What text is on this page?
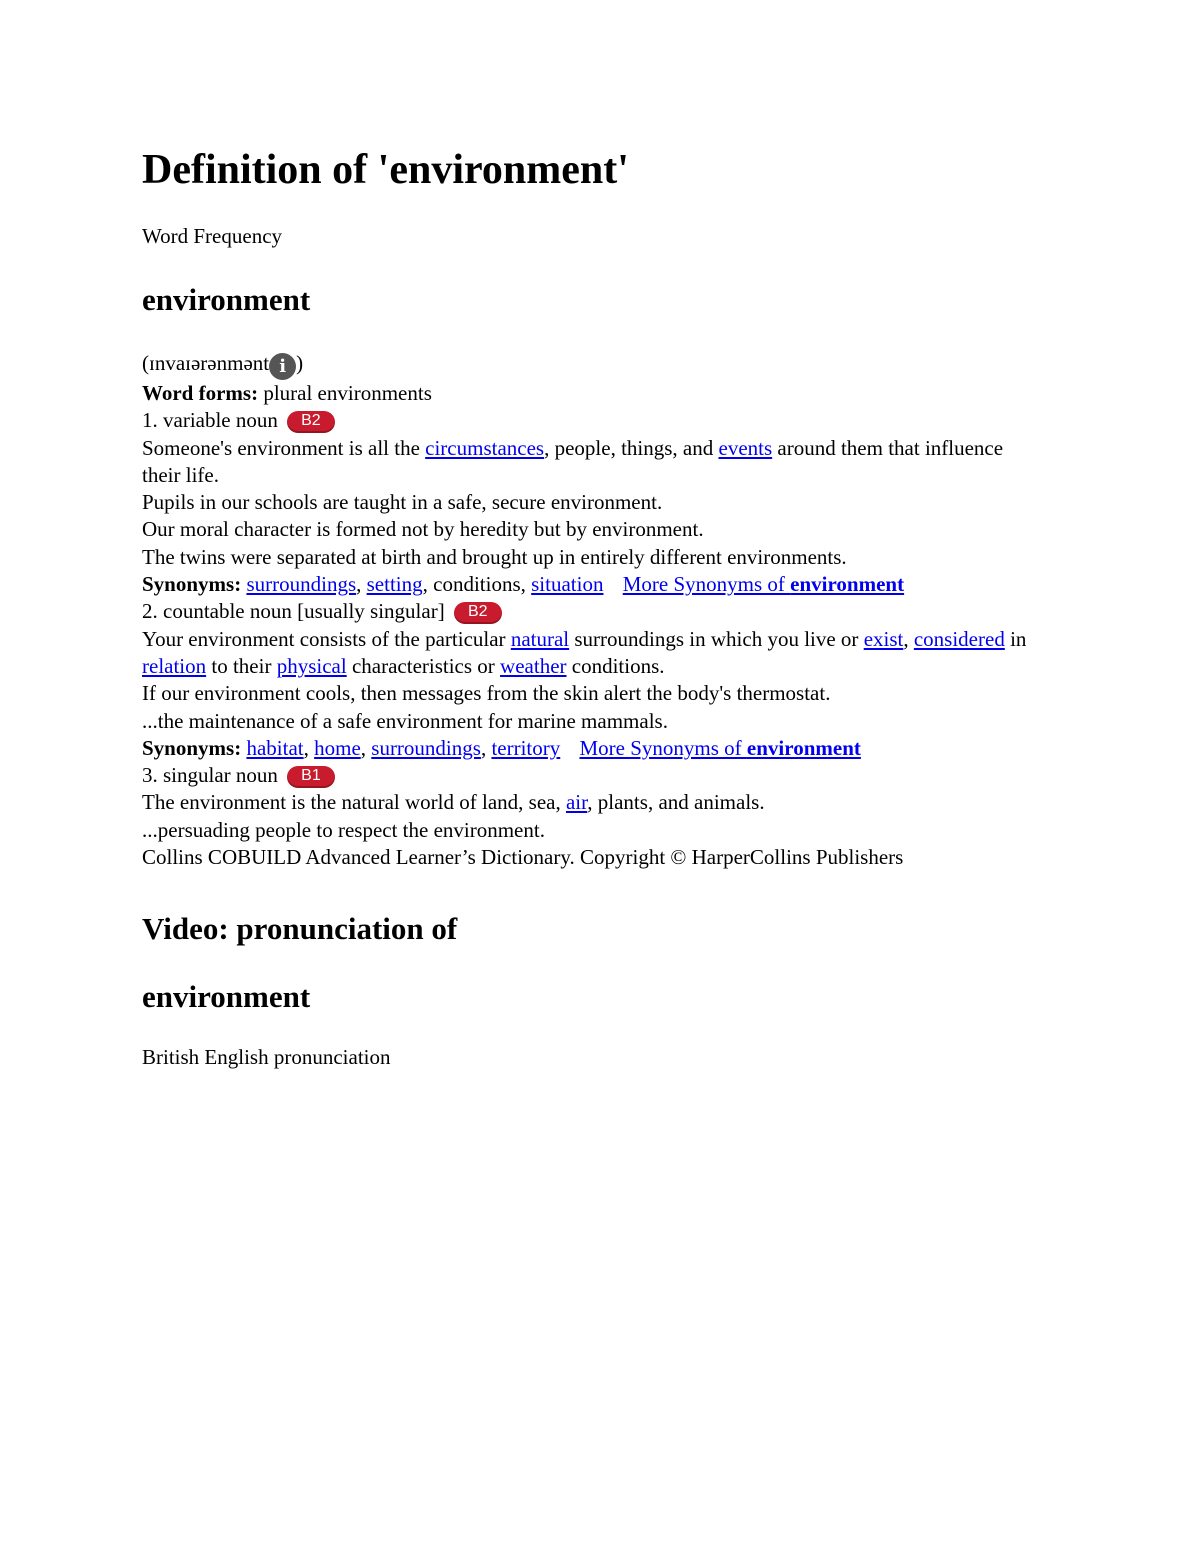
Definition of 'environment'
Word Frequency
environment
(ɪnvaɪərənmənt i )
Word forms: plural environments
1. variable noun B2
Someone's environment is all the circumstances, people, things, and events around them that influence their life.
Pupils in our schools are taught in a safe, secure environment.
Our moral character is formed not by heredity but by environment.
The twins were separated at birth and brought up in entirely different environments.
Synonyms: surroundings, setting, conditions, situation More Synonyms of environment
2. countable noun [usually singular] B2
Your environment consists of the particular natural surroundings in which you live or exist, considered in relation to their physical characteristics or weather conditions.
If our environment cools, then messages from the skin alert the body's thermostat.
...the maintenance of a safe environment for marine mammals.
Synonyms: habitat, home, surroundings, territory More Synonyms of environment
3. singular noun B1
The environment is the natural world of land, sea, air, plants, and animals.
...persuading people to respect the environment.
Collins COBUILD Advanced Learner’s Dictionary. Copyright © HarperCollins Publishers
Video: pronunciation of
environment
British English pronunciation
